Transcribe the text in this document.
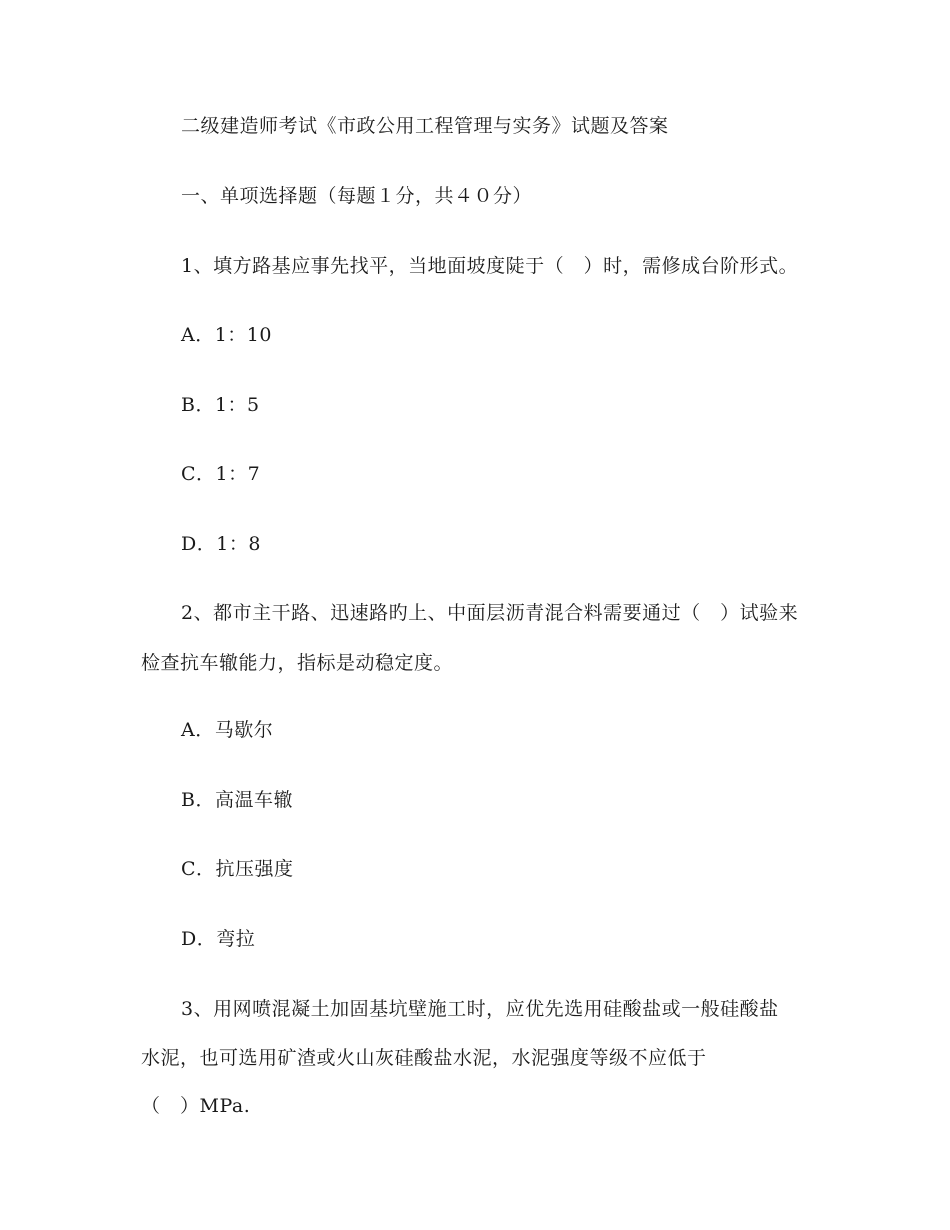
二级建造师考试《市政公用工程管理与实务》试题及答案
一、单项选择题（每题１分，共４０分）
1、填方路基应事先找平，当地面坡度陡于（　）时，需修成台阶形式。
A．1：10
B．1：5
C．1：7
D．1：8
2、都市主干路、迅速路旳上、中面层沥青混合料需要通过（　）试验来
检查抗车辙能力，指标是动稳定度。
A．马歇尔
B．高温车辙
C．抗压强度
D．弯拉
3、用网喷混凝土加固基坑壁施工时，应优先选用硅酸盐或一般硅酸盐
水泥，也可选用矿渣或火山灰硅酸盐水泥，水泥强度等级不应低于
（　）MPa.
